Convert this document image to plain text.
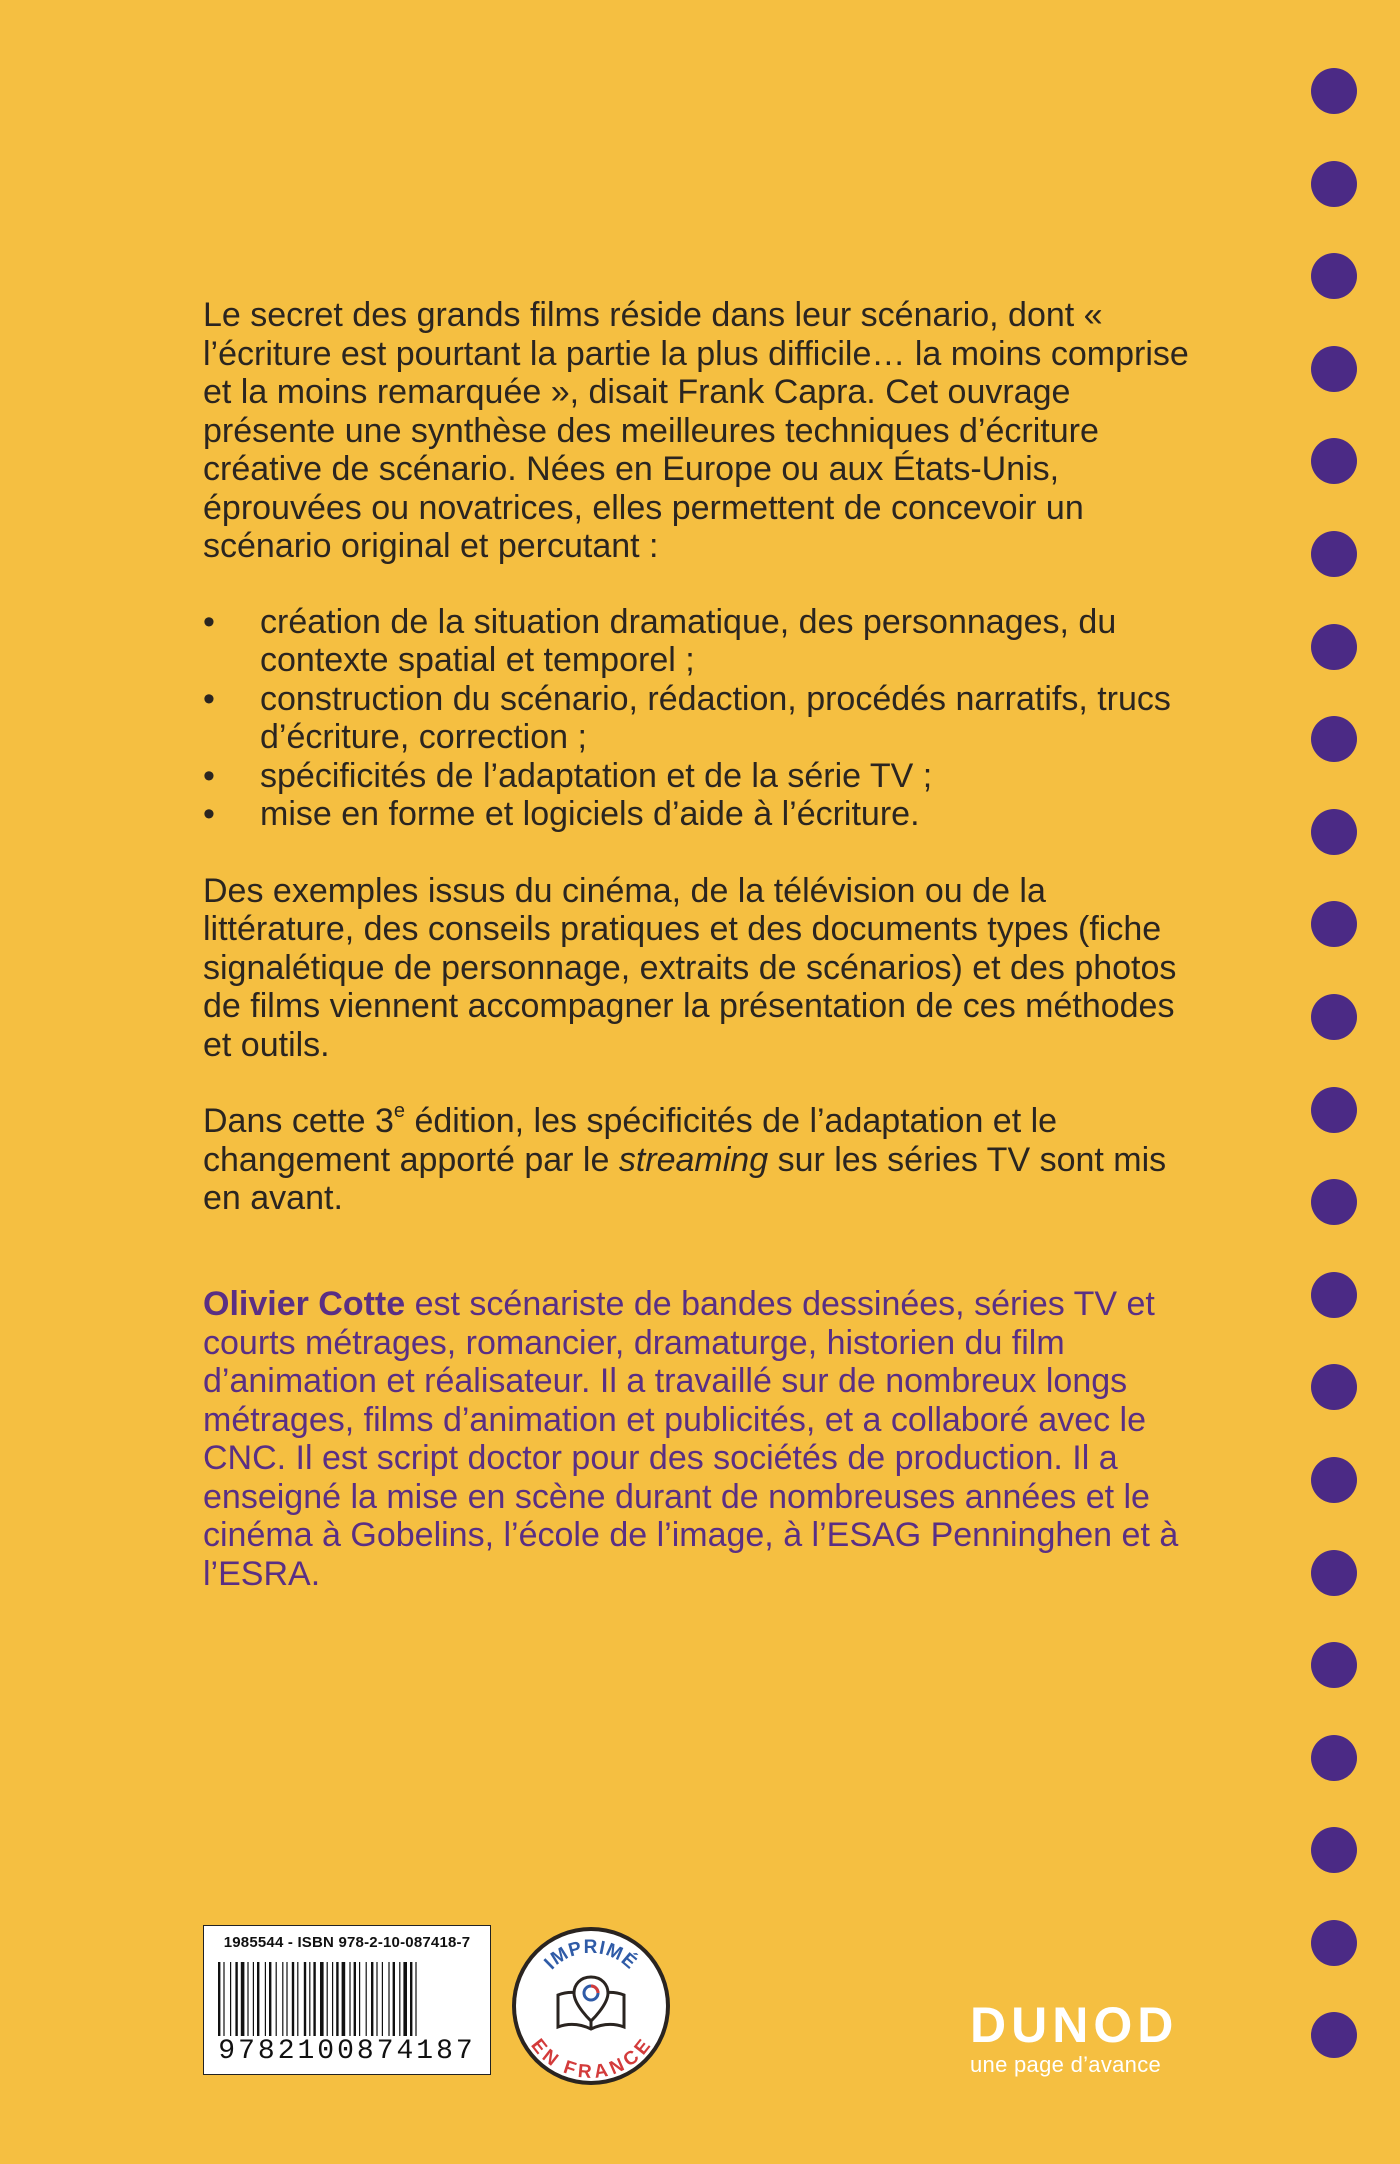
Le secret des grands films réside dans leur scénario, dont « l’écriture est pourtant la partie la plus difficile… la moins comprise et la moins remarquée », disait Frank Capra. Cet ouvrage présente une synthèse des meilleures techniques d’écriture créative de scénario. Nées en Europe ou aux États-Unis, éprouvées ou novatrices, elles permettent de concevoir un scénario original et percutant :

• création de la situation dramatique, des personnages, du contexte spatial et temporel ;
• construction du scénario, rédaction, procédés narratifs, trucs d’écriture, correction ;
• spécificités de l’adaptation et de la série TV ;
• mise en forme et logiciels d’aide à l’écriture.

Des exemples issus du cinéma, de la télévision ou de la littérature, des conseils pratiques et des documents types (fiche signalétique de personnage, extraits de scénarios) et des photos de films viennent accompagner la présentation de ces méthodes et outils.

Dans cette 3e édition, les spécificités de l’adaptation et le changement apporté par le streaming sur les séries TV sont mis en avant.

Olivier Cotte est scénariste de bandes dessinées, séries TV et courts métrages, romancier, dramaturge, historien du film d’animation et réalisateur. Il a travaillé sur de nombreux longs métrages, films d’animation et publicités, et a collaboré avec le CNC. Il est script doctor pour des sociétés de production. Il a enseigné la mise en scène durant de nombreuses années et le cinéma à Gobelins, l’école de l’image, à l’ESAG Penninghen et à l’ESRA.

1985544 - ISBN 978-2-10-087418-7
9782100874187
IMPRIMÉ
EN FRANCE	DUNOD
une page d’avance
